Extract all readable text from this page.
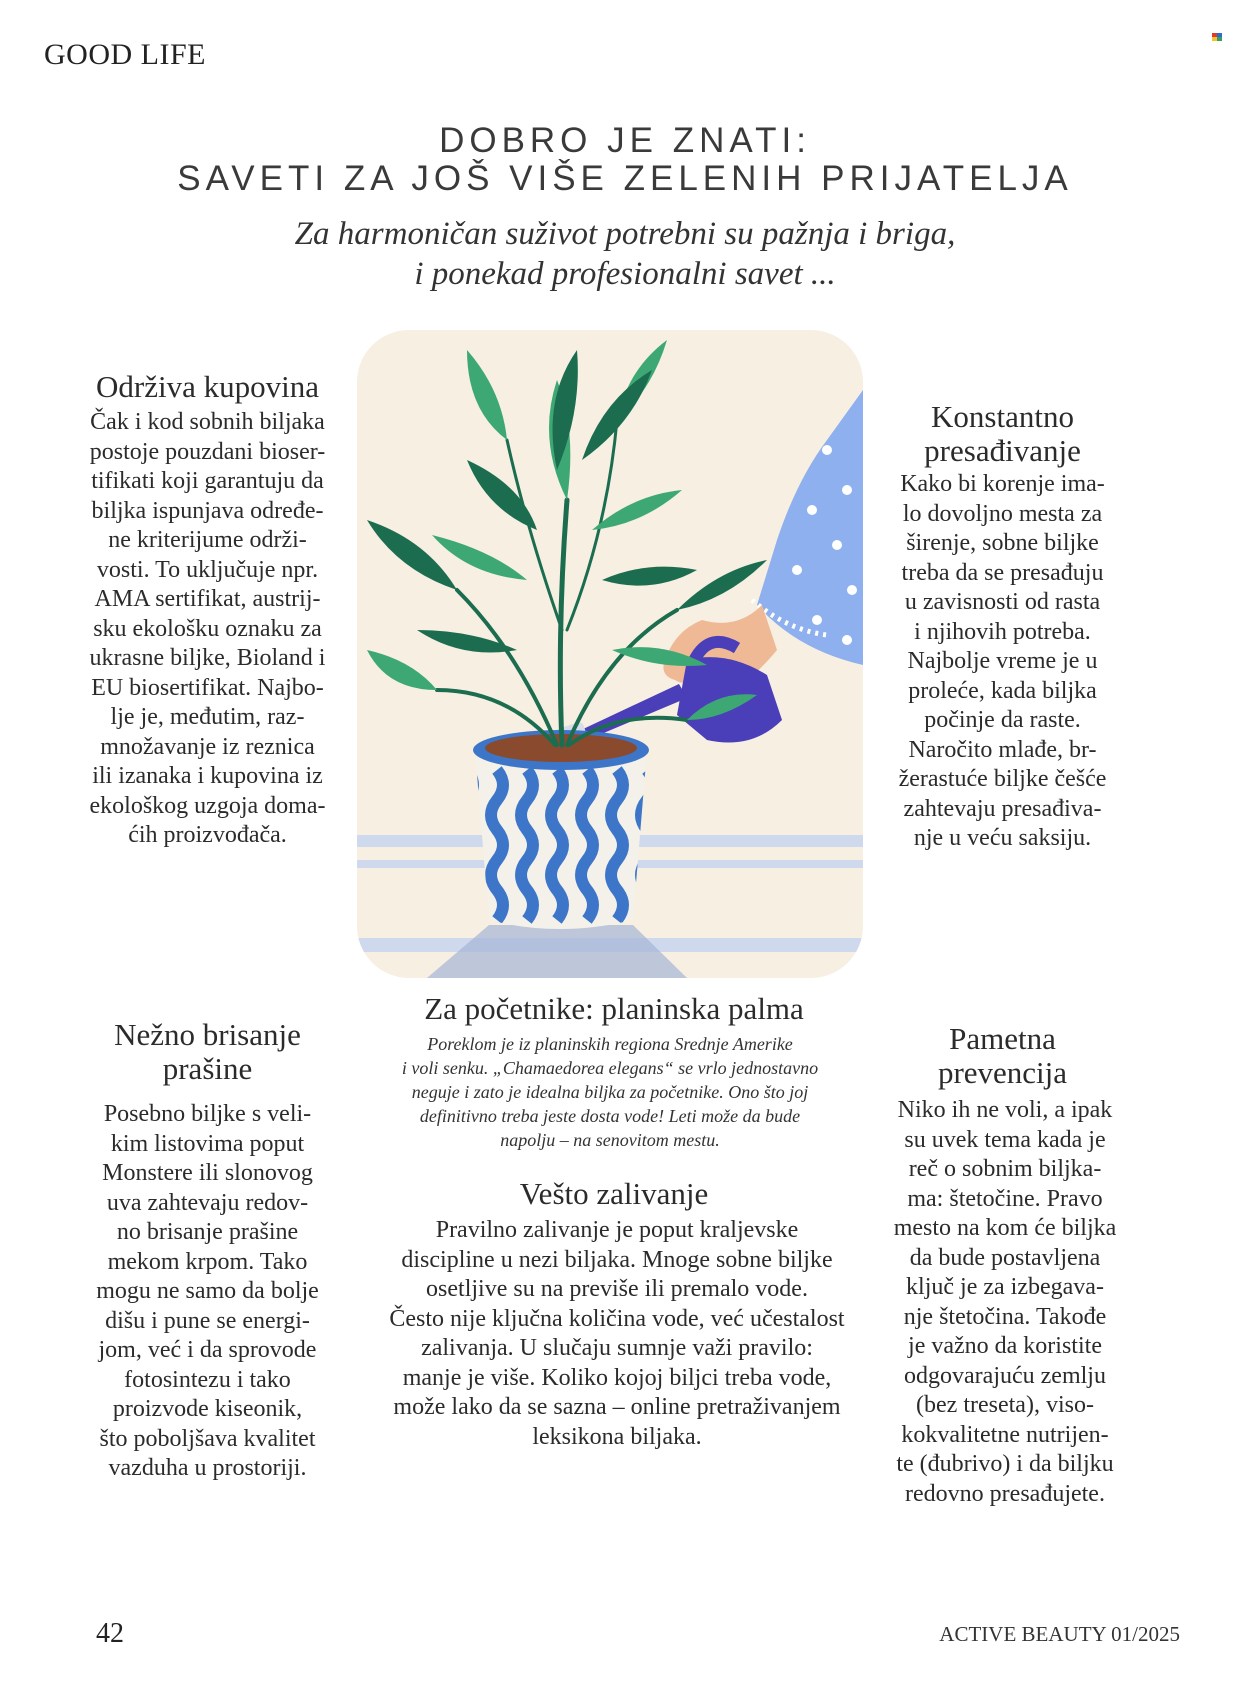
GOOD LIFE
DOBRO JE ZNATI:
SAVETI ZA JOŠ VIŠE ZELENIH PRIJATELJA
Za harmoničan suživot potrebni su pažnja i briga,
i ponekad profesionalni savet ...
Održiva kupovina

Čak i kod sobnih biljaka
postoje pouzdani bioser-
tifikati koji garantuju da
biljka ispunjava određe-
ne kriterijume održi-
vosti. To uključuje npr.
AMA sertifikat, austrij-
sku ekološku oznaku za
ukrasne biljke, Bioland i
EU biosertifikat. Najbo-
lje je, međutim, raz-
množavanje iz reznica
ili izanaka i kupovina iz
ekološkog uzgoja doma-
ćih proizvođača.

Konstantno
presađivanje

Kako bi korenje ima-
lo dovoljno mesta za
širenje, sobne biljke
treba da se presađuju
u zavisnosti od rasta
i njihovih potreba.
Najbolje vreme je u
proleće, kada biljka
počinje da raste.
Naročito mlađe, br-
žerastuće biljke češće
zahtevaju presađiva-
nje u veću saksiju.

Nežno brisanje
prašine

Posebno biljke s veli-
kim listovima poput
Monstere ili slonovog
uva zahtevaju redov-
no brisanje prašine
mekom krpom. Tako
mogu ne samo da bolje
dišu i pune se energi-
jom, već i da sprovode
fotosintezu i tako
proizvode kiseonik,
što poboljšava kvalitet
vazduha u prostoriji.

Za početnike: planinska palma

Poreklom je iz planinskih regiona Srednje Amerike
i voli senku. „Chamaedorea elegans“ se vrlo jednostavno
neguje i zato je idealna biljka za početnike. Ono što joj
definitivno treba jeste dosta vode! Leti može da bude
napolju – na senovitom mestu.

Vešto zalivanje

Pravilno zalivanje je poput kraljevske
discipline u nezi biljaka. Mnoge sobne biljke
osetljive su na previše ili premalo vode.
Često nije ključna količina vode, već učestalost
zalivanja. U slučaju sumnje važi pravilo:
manje je više. Koliko kojoj biljci treba vode,
može lako da se sazna – online pretraživanjem
leksikona biljaka.

Pametna
prevencija

Niko ih ne voli, a ipak
su uvek tema kada je
reč o sobnim biljka-
ma: štetočine. Pravo
mesto na kom će biljka
da bude postavljena
ključ je za izbegava-
nje štetočina. Takođe
je važno da koristite
odgovarajuću zemlju
(bez treseta), viso-
kokvalitetne nutrijen-
te (đubrivo) i da biljku
redovno presađujete.

42	ACTIVE BEAUTY 01/2025
